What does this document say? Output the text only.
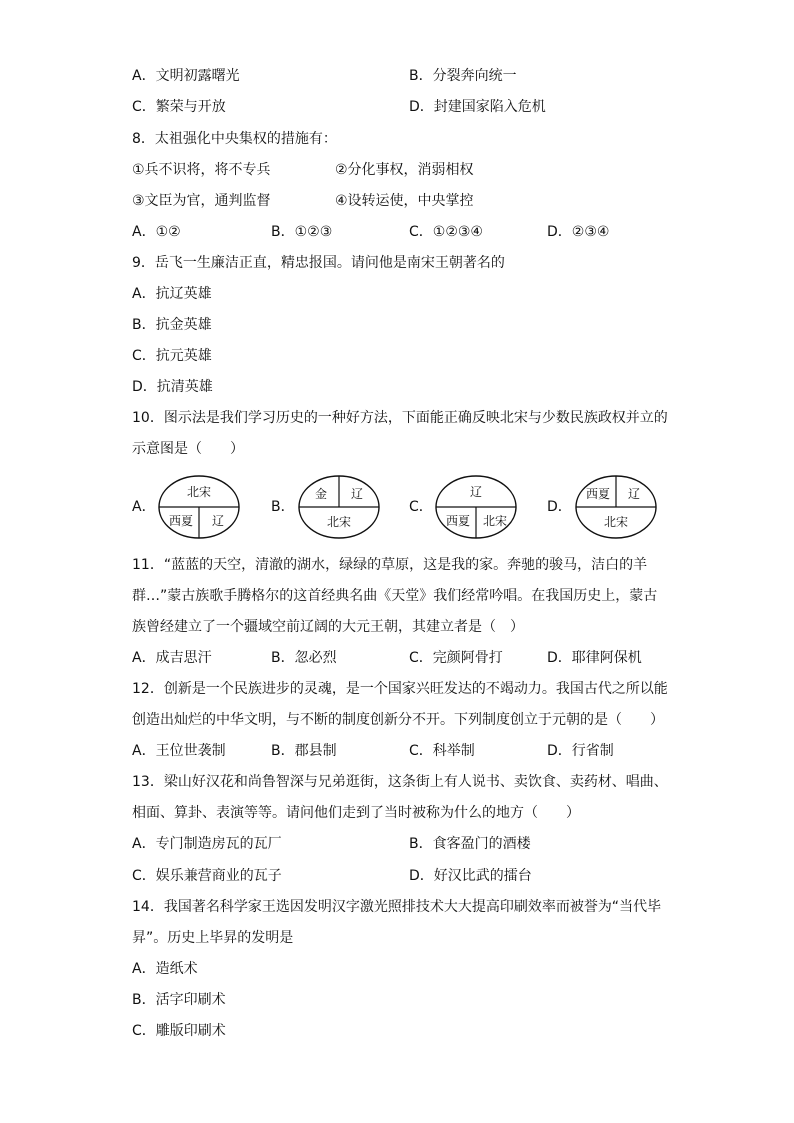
A．文明初露曙光	B．分裂奔向统一
C．繁荣与开放	D．封建国家陷入危机
8．太祖强化中央集权的措施有：
①兵不识将，将不专兵	②分化事权，消弱相权
③文臣为官，通判监督	④设转运使，中央掌控
A．①②	B．①②③	C．①②③④	D．②③④
9．岳飞一生廉洁正直，精忠报国。请问他是南宋王朝著名的
A．抗辽英雄
B．抗金英雄
C．抗元英雄
D．抗清英雄
10．图示法是我们学习历史的一种好方法，下面能正确反映北宋与少数民族政权并立的
示意图是（　　）
A．
北宋
西夏 辽
B．
金 辽
北宋
C．
辽
西夏 北宋
D．
西夏 辽
北宋
11．“蓝蓝的天空，清澈的湖水，绿绿的草原，这是我的家。奔驰的骏马，洁白的羊
群…”蒙古族歌手腾格尔的这首经典名曲《天堂》我们经常吟唱。在我国历史上，蒙古
族曾经建立了一个疆域空前辽阔的大元王朝，其建立者是（　）
A．成吉思汗	B．忽必烈	C．完颜阿骨打	D．耶律阿保机
12．创新是一个民族进步的灵魂，是一个国家兴旺发达的不竭动力。我国古代之所以能
创造出灿烂的中华文明，与不断的制度创新分不开。下列制度创立于元朝的是（　　）
A．王位世袭制	B．郡县制	C．科举制	D．行省制
13．梁山好汉花和尚鲁智深与兄弟逛街，这条街上有人说书、卖饮食、卖药材、唱曲、
相面、算卦、表演等等。请问他们走到了当时被称为什么的地方（　　）
A．专门制造房瓦的瓦厂	B．食客盈门的酒楼
C．娱乐兼营商业的瓦子	D．好汉比武的擂台
14．我国著名科学家王选因发明汉字激光照排技术大大提高印刷效率而被誉为“当代毕
昇”。历史上毕昇的发明是
A．造纸术
B．活字印刷术
C．雕版印刷术
